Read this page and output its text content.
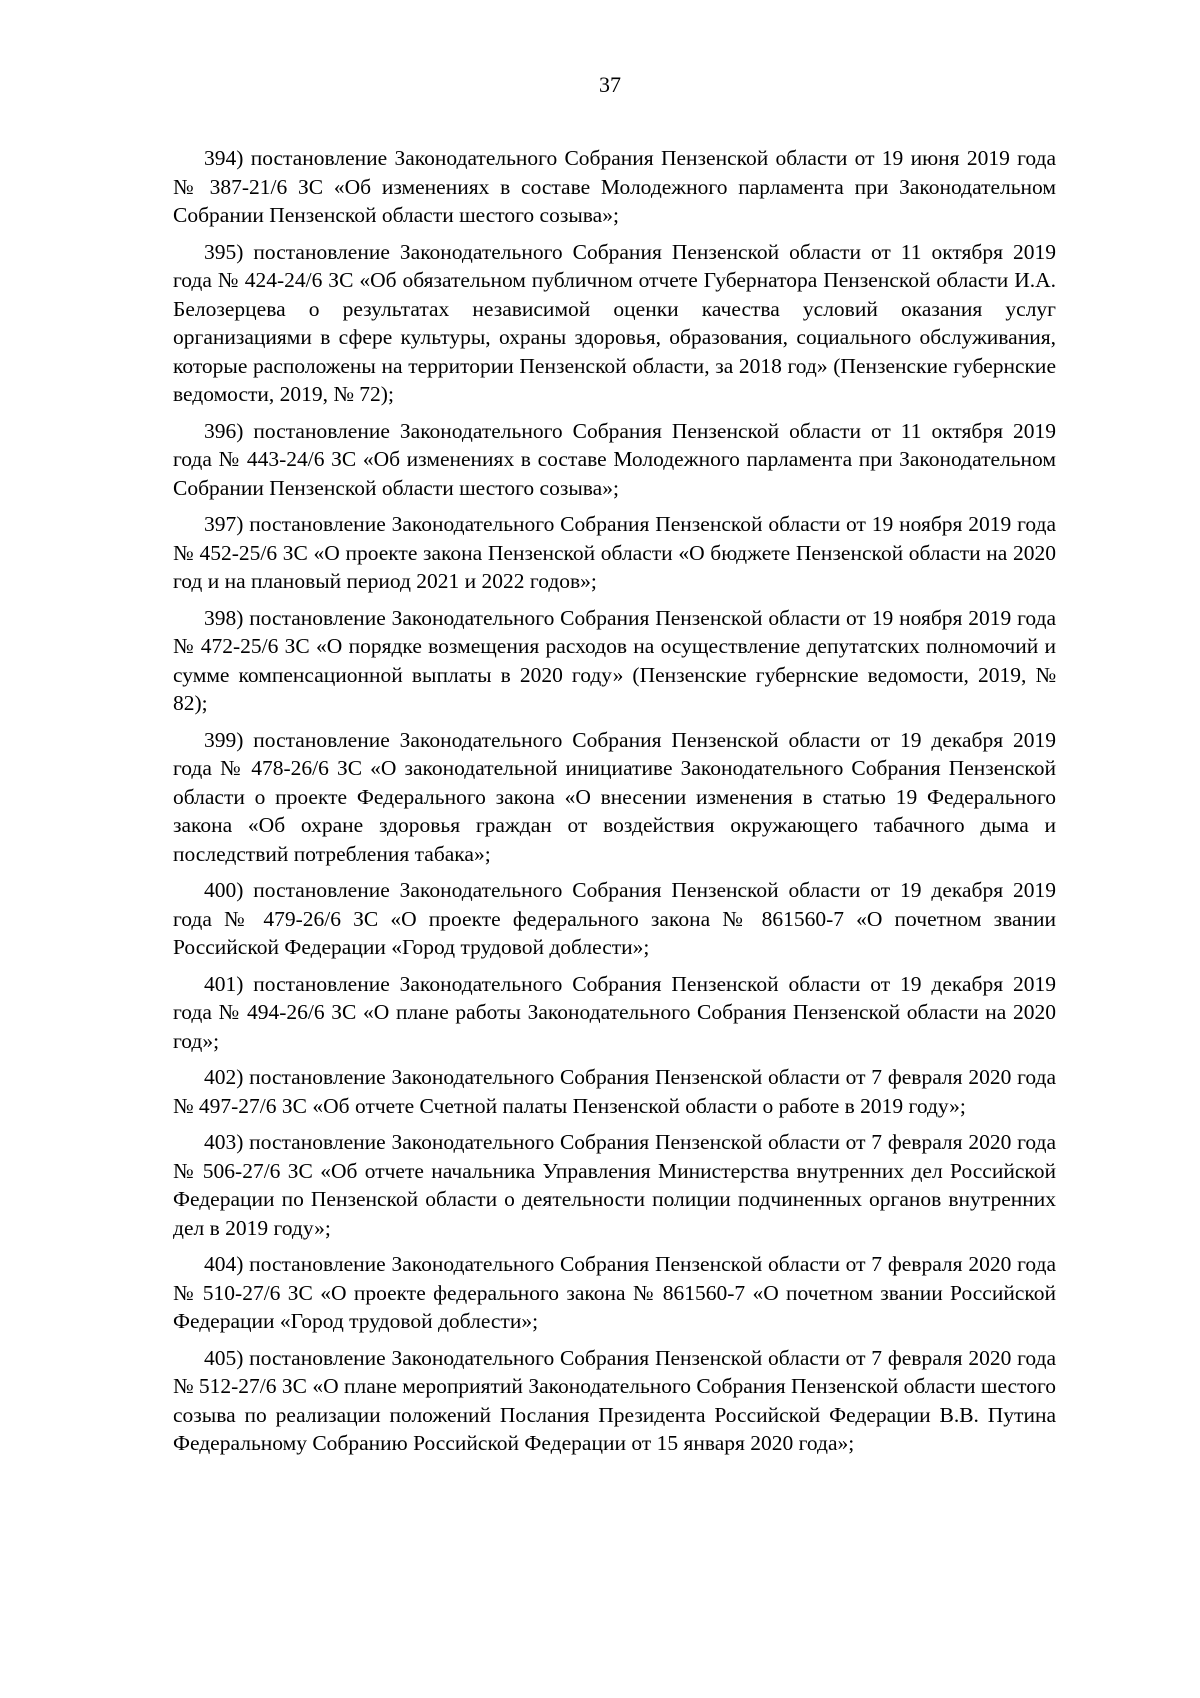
37

394) постановление Законодательного Собрания Пензенской области от 19 июня 2019 года № 387-21/6 ЗС «Об изменениях в составе Молодежного парламента при Законодательном Собрании Пензенской области шестого созыва»;

395) постановление Законодательного Собрания Пензенской области от 11 октября 2019 года № 424-24/6 ЗС «Об обязательном публичном отчете Губернатора Пензенской области И.А. Белозерцева о результатах независимой оценки качества условий оказания услуг организациями в сфере культуры, охраны здоровья, образования, социального обслуживания, которые расположены на территории Пензенской области, за 2018 год» (Пензенские губернские ведомости, 2019, № 72);

396) постановление Законодательного Собрания Пензенской области от 11 октября 2019 года № 443-24/6 ЗС «Об изменениях в составе Молодежного парламента при Законодательном Собрании Пензенской области шестого созыва»;

397) постановление Законодательного Собрания Пензенской области от 19 ноября 2019 года № 452-25/6 ЗС «О проекте закона Пензенской области «О бюджете Пензенской области на 2020 год и на плановый период 2021 и 2022 годов»;

398) постановление Законодательного Собрания Пензенской области от 19 ноября 2019 года № 472-25/6 ЗС «О порядке возмещения расходов на осуществление депутатских полномочий и сумме компенсационной выплаты в 2020 году» (Пензенские губернские ведомости, 2019, № 82);

399) постановление Законодательного Собрания Пензенской области от 19 декабря 2019 года № 478-26/6 ЗС «О законодательной инициативе Законодательного Собрания Пензенской области о проекте Федерального закона «О внесении изменения в статью 19 Федерального закона «Об охране здоровья граждан от воздействия окружающего табачного дыма и последствий потребления табака»;

400) постановление Законодательного Собрания Пензенской области от 19 декабря 2019 года № 479-26/6 ЗС «О проекте федерального закона № 861560-7 «О почетном звании Российской Федерации «Город трудовой доблести»;

401) постановление Законодательного Собрания Пензенской области от 19 декабря 2019 года № 494-26/6 ЗС «О плане работы Законодательного Собрания Пензенской области на 2020 год»;

402) постановление Законодательного Собрания Пензенской области от 7 февраля 2020 года № 497-27/6 ЗС «Об отчете Счетной палаты Пензенской области о работе в 2019 году»;

403) постановление Законодательного Собрания Пензенской области от 7 февраля 2020 года № 506-27/6 ЗС «Об отчете начальника Управления Министерства внутренних дел Российской Федерации по Пензенской области о деятельности полиции подчиненных органов внутренних дел в 2019 году»;

404) постановление Законодательного Собрания Пензенской области от 7 февраля 2020 года № 510-27/6 ЗС «О проекте федерального закона № 861560-7 «О почетном звании Российской Федерации «Город трудовой доблести»;

405) постановление Законодательного Собрания Пензенской области от 7 февраля 2020 года № 512-27/6 ЗС «О плане мероприятий Законодательного Собрания Пензенской области шестого созыва по реализации положений Послания Президента Российской Федерации В.В. Путина Федеральному Собранию Российской Федерации от 15 января 2020 года»;
